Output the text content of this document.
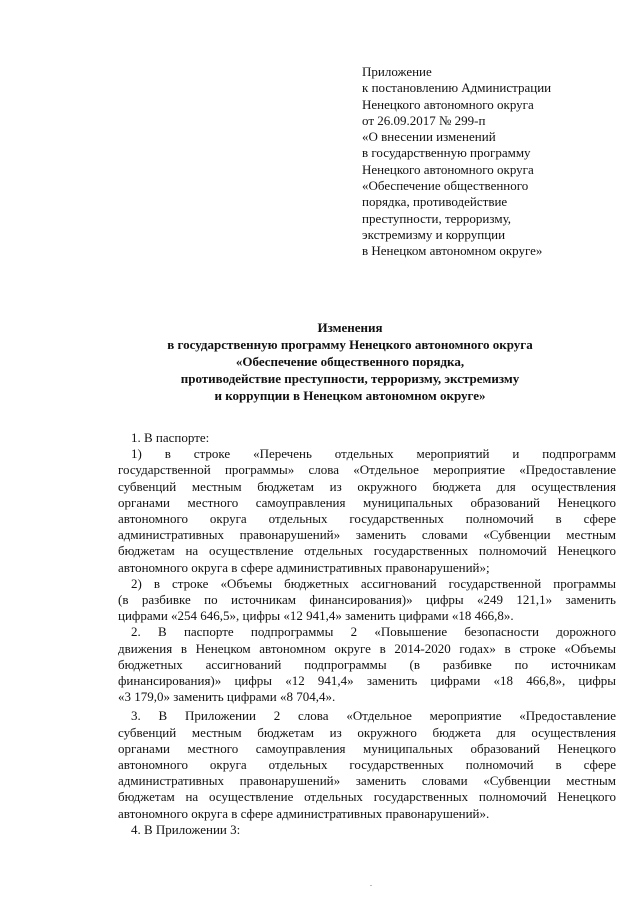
Приложение
к постановлению Администрации
Ненецкого автономного округа
от 26.09.2017 № 299-п
«О внесении изменений
в государственную программу
Ненецкого автономного округа
«Обеспечение общественного
порядка, противодействие
преступности, терроризму,
экстремизму и коррупции
в Ненецком автономном округе»
Изменения
в государственную программу Ненецкого автономного округа
«Обеспечение общественного порядка,
противодействие преступности, терроризму, экстремизму
и коррупции в Ненецком автономном округе»
1. В паспорте:
1) в строке «Перечень отдельных мероприятий и подпрограмм
государственной программы» слова «Отдельное мероприятие «Предоставление
субвенций местным бюджетам из окружного бюджета для осуществления
органами местного самоуправления муниципальных образований Ненецкого
автономного округа отдельных государственных полномочий в сфере
административных правонарушений» заменить словами «Субвенции местным
бюджетам на осуществление отдельных государственных полномочий Ненецкого
автономного округа в сфере административных правонарушений»;
2) в строке «Объемы бюджетных ассигнований государственной программы
(в разбивке по источникам финансирования)» цифры «249 121,1» заменить
цифрами «254 646,5», цифры «12 941,4» заменить цифрами «18 466,8».
2. В паспорте подпрограммы 2 «Повышение безопасности дорожного
движения в Ненецком автономном округе в 2014-2020 годах» в строке «Объемы
бюджетных ассигнований подпрограммы (в разбивке по источникам
финансирования)» цифры «12 941,4» заменить цифрами «18 466,8», цифры
«3 179,0» заменить цифрами «8 704,4».
3. В Приложении 2 слова «Отдельное мероприятие «Предоставление
субвенций местным бюджетам из окружного бюджета для осуществления
органами местного самоуправления муниципальных образований Ненецкого
автономного округа отдельных государственных полномочий в сфере
административных правонарушений» заменить словами «Субвенции местным
бюджетам на осуществление отдельных государственных полномочий Ненецкого
автономного округа в сфере административных правонарушений».
4. В Приложении 3:
